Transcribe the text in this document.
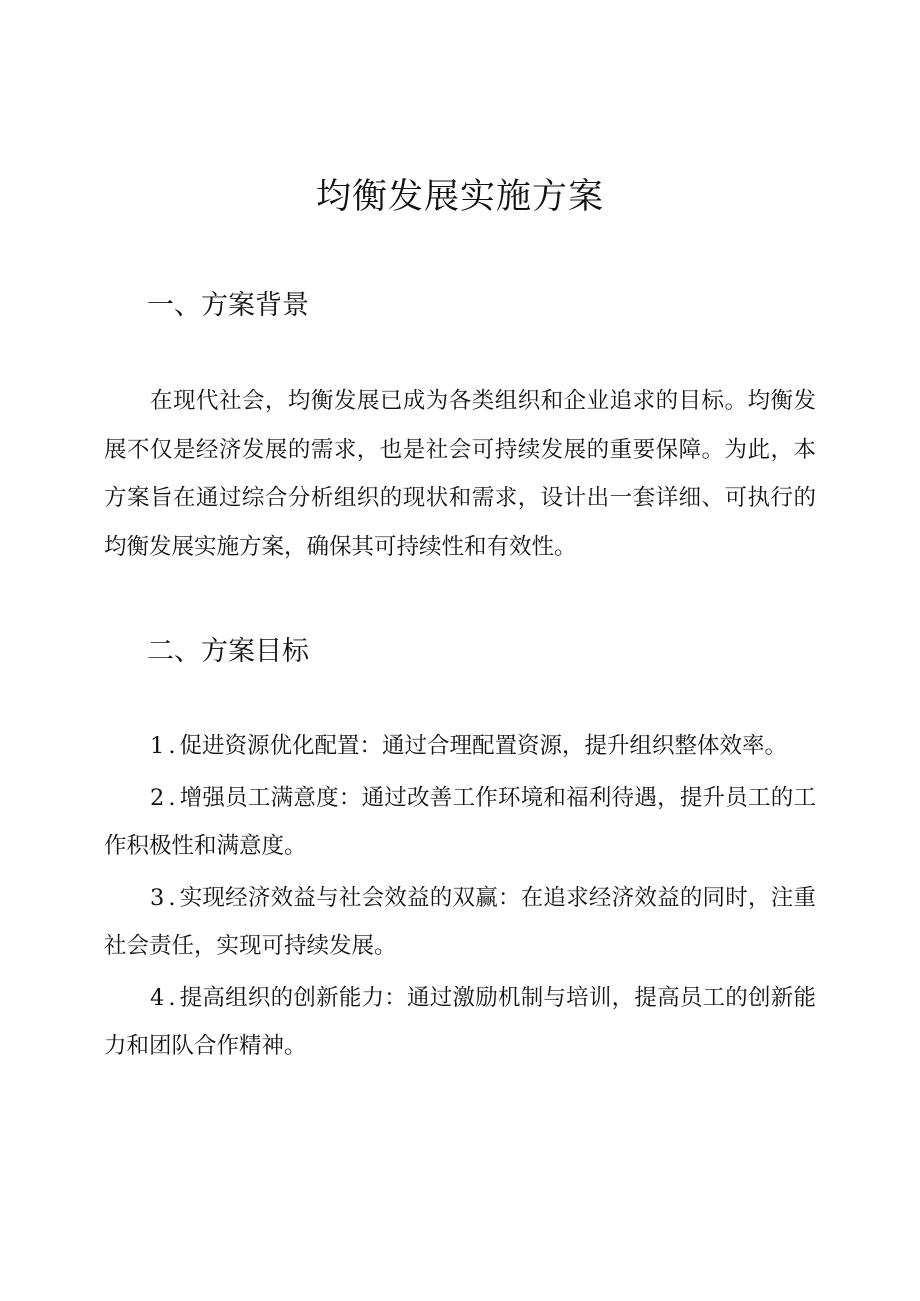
均衡发展实施方案
一、方案背景

在现代社会，均衡发展已成为各类组织和企业追求的目标。均衡发展不仅是经济发展的需求，也是社会可持续发展的重要保障。为此，本方案旨在通过综合分析组织的现状和需求，设计出一套详细、可执行的均衡发展实施方案，确保其可持续性和有效性。

二、方案目标
1.促进资源优化配置：通过合理配置资源，提升组织整体效率。
2.增强员工满意度：通过改善工作环境和福利待遇，提升员工的工作积极性和满意度。
3.实现经济效益与社会效益的双赢：在追求经济效益的同时，注重社会责任，实现可持续发展。
4.提高组织的创新能力：通过激励机制与培训，提高员工的创新能力和团队合作精神。
